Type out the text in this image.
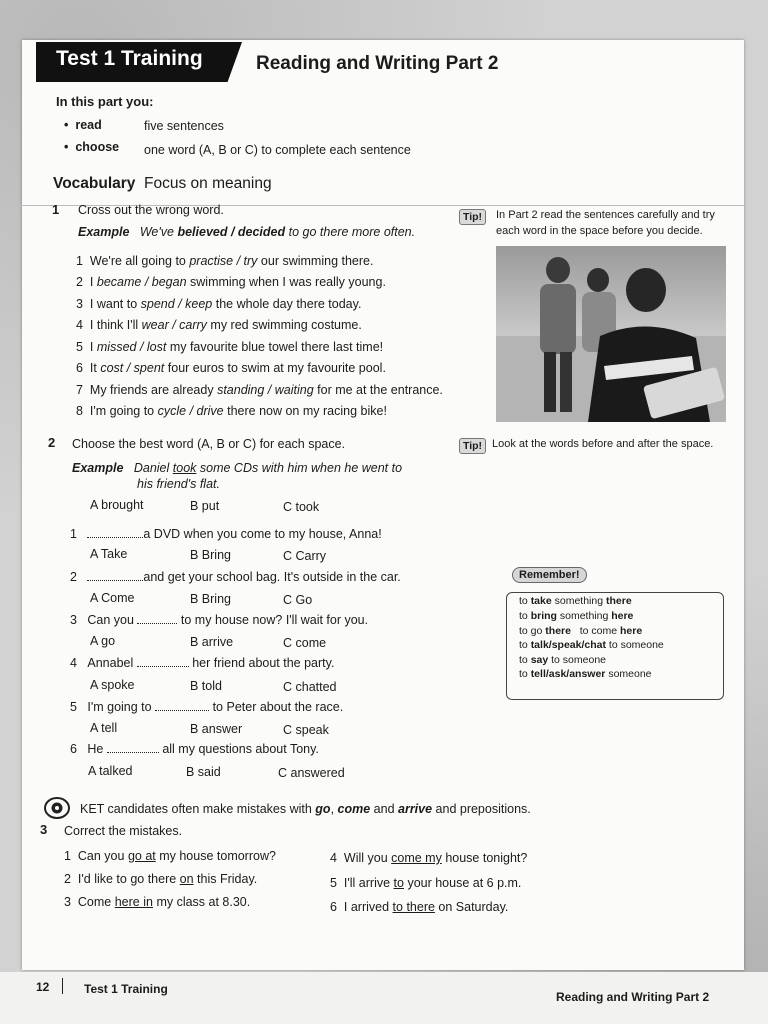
Test 1 Training	Reading and Writing Part 2
In this part you:
• read	five sentences
• choose one word (A, B or C) to complete each sentence
Vocabulary Focus on meaning
1 Cross out the wrong word.
Example We've believed / decided to go there more often.
1 We're all going to practise / try our swimming there.
2 I became / began swimming when I was really young.
3 I want to spend / keep the whole day there today.
4 I think I'll wear / carry my red swimming costume.
5 I missed / lost my favourite blue towel there last time!
6 It cost / spent four euros to swim at my favourite pool.
7 My friends are already standing / waiting for me at the entrance.
8 I'm going to cycle / drive there now on my racing bike!
Tip!	In Part 2 read the sentences carefully and try each word in the space before you decide.
2 Choose the best word (A, B or C) for each space.
Example Daniel took some CDs with him when he went to
his friend's flat.
A brought	B put	C took
1	a DVD when you come to my house, Anna!
A Take	B Bring	C Carry
2	and get your school bag. It's outside in the car.
A Come	B Bring	C Go
3 Can you	to my house now? I'll wait for you.
A go	B arrive	C come
4 Annabel	her friend about the party.
A spoke	B told	C chatted
5 I'm going to	to Peter about the race.
A tell	B answer	C speak
6 He	all my questions about Tony.
A talked	B said	C answered
Tip! Look at the words before and after the space.
Remember!
to take something there
to bring something here
to go there   to come here
to talk/speak/chat to someone
to say to someone
to tell/ask/answer someone
KET candidates often make mistakes with go, come and arrive and prepositions.
3 Correct the mistakes.
1 Can you go at my house tomorrow?
2 I'd like to go there on this Friday.
3 Come here in my class at 8.30.
4 Will you come my house tonight?
5 I'll arrive to your house at 6 p.m.
6 I arrived to there on Saturday.
12	Test 1 Training
Reading and Writing Part 2
